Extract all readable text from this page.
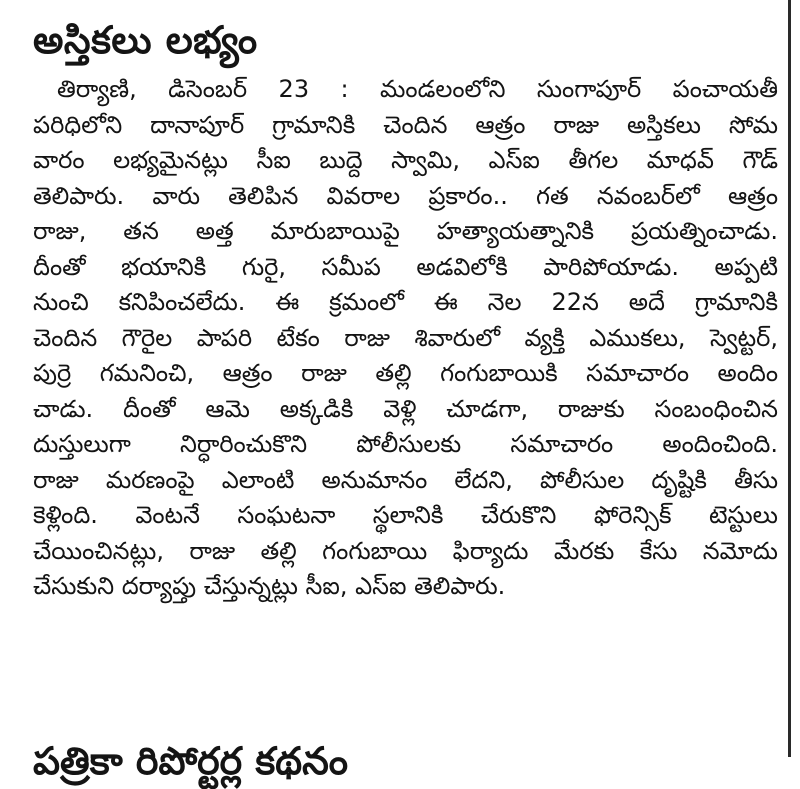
అస్తికలు లభ్యం
తిర్యాణి, డిసెంబర్ 23 : మండలంలోని సుంగాపూర్ పంచాయతీ
పరిధిలోని దానాపూర్ గ్రామానికి చెందిన ఆత్రం రాజు అస్తికలు సోమ
వారం లభ్యమైనట్లు సీఐ బుద్దె స్వామి, ఎస్ఐ తీగల మాధవ్ గౌడ్
తెలిపారు. వారు తెలిపిన వివరాల ప్రకారం.. గత నవంబర్‌లో ఆత్రం
రాజు, తన అత్త మారుబాయిపై హత్యాయత్నానికి ప్రయత్నించాడు.
దీంతో భయానికి గురై, సమీప అడవిలోకి పారిపోయాడు. అప్పటి
నుంచి కనిపించలేదు. ఈ క్రమంలో ఈ నెల 22న అదే గ్రామానికి
చెందిన గౌరైల పాపరి టేకం రాజు శివారులో వ్యక్తి ఎముకలు, స్వెట్టర్,
పుర్రె గమనించి, ఆత్రం రాజు తల్లి గంగుబాయికి సమాచారం అందిం
చాడు. దీంతో ఆమె అక్కడికి వెళ్లి చూడగా, రాజుకు సంబంధించిన
దుస్తులుగా నిర్ధారించుకొని పోలీసులకు సమాచారం అందించింది.
రాజు మరణంపై ఎలాంటి అనుమానం లేదని, పోలీసుల దృష్టికి తీసు
కెళ్లింది. వెంటనే సంఘటనా స్థలానికి చేరుకొని ఫోరెన్సిక్ టెస్టులు
చేయించినట్లు, రాజు తల్లి గంగుబాయి ఫిర్యాదు మేరకు కేసు నమోదు
చేసుకుని దర్యాప్తు చేస్తున్నట్లు సీఐ, ఎస్ఐ తెలిపారు.
పత్రికా రిపోర్టర్ల కథనం
